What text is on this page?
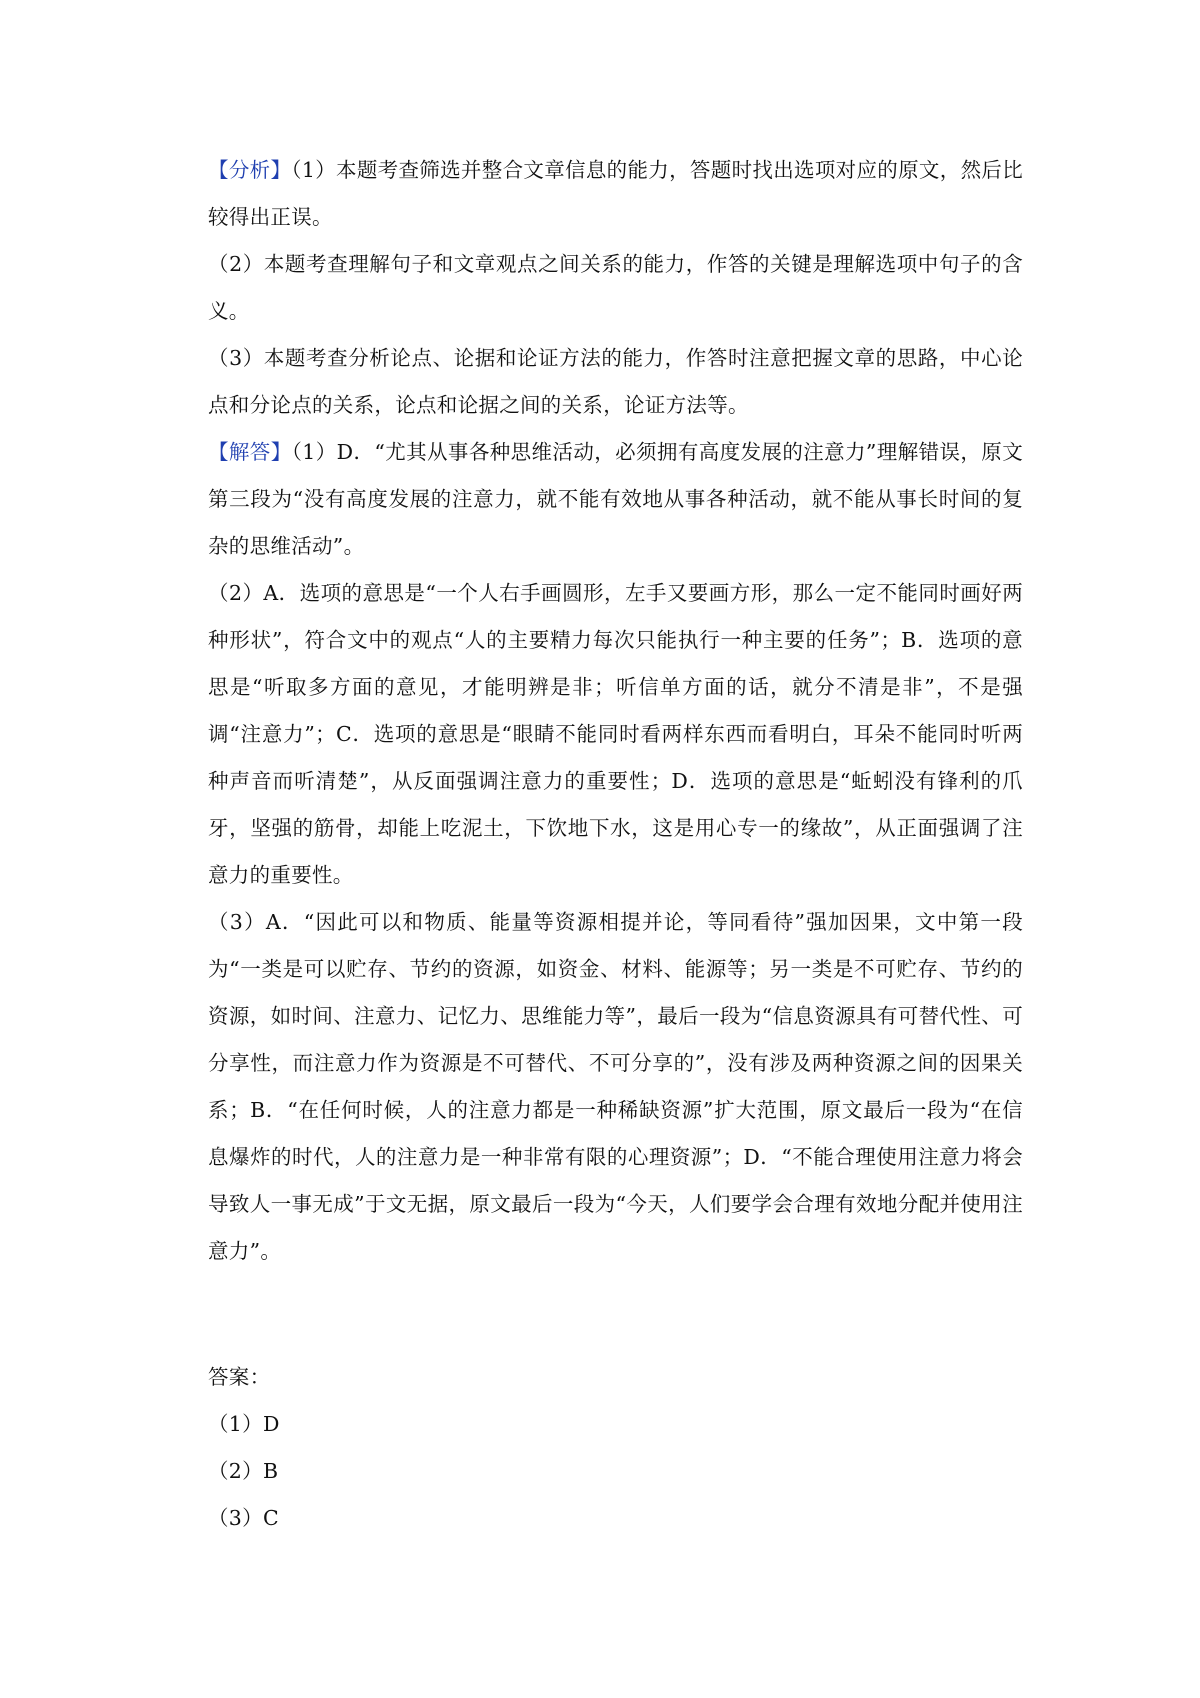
【分析】（1）本题考查筛选并整合文章信息的能力，答题时找出选项对应的原文，然后比较得出正误。

（2）本题考查理解句子和文章观点之间关系的能力，作答的关键是理解选项中句子的含义。

（3）本题考查分析论点、论据和论证方法的能力，作答时注意把握文章的思路，中心论点和分论点的关系，论点和论据之间的关系，论证方法等。

【解答】（1）D．“尤其从事各种思维活动，必须拥有高度发展的注意力”理解错误，原文第三段为“没有高度发展的注意力，就不能有效地从事各种活动，就不能从事长时间的复杂的思维活动”。

（2）A．选项的意思是“一个人右手画圆形，左手又要画方形，那么一定不能同时画好两种形状”，符合文中的观点“人的主要精力每次只能执行一种主要的任务”；B．选项的意思是“听取多方面的意见，才能明辨是非；听信单方面的话，就分不清是非”，不是强调“注意力”；C．选项的意思是“眼睛不能同时看两样东西而看明白，耳朵不能同时听两种声音而听清楚”，从反面强调注意力的重要性；D．选项的意思是“蚯蚓没有锋利的爪牙，坚强的筋骨，却能上吃泥土，下饮地下水，这是用心专一的缘故”，从正面强调了注意力的重要性。

（3）A．“因此可以和物质、能量等资源相提并论，等同看待”强加因果，文中第一段为“一类是可以贮存、节约的资源，如资金、材料、能源等；另一类是不可贮存、节约的资源，如时间、注意力、记忆力、思维能力等”，最后一段为“信息资源具有可替代性、可分享性，而注意力作为资源是不可替代、不可分享的”，没有涉及两种资源之间的因果关系；B．“在任何时候，人的注意力都是一种稀缺资源”扩大范围，原文最后一段为“在信息爆炸的时代，人的注意力是一种非常有限的心理资源”；D．“不能合理使用注意力将会导致人一事无成”于文无据，原文最后一段为“今天，人们要学会合理有效地分配并使用注意力”。

答案：

（1）D

（2）B

（3）C
